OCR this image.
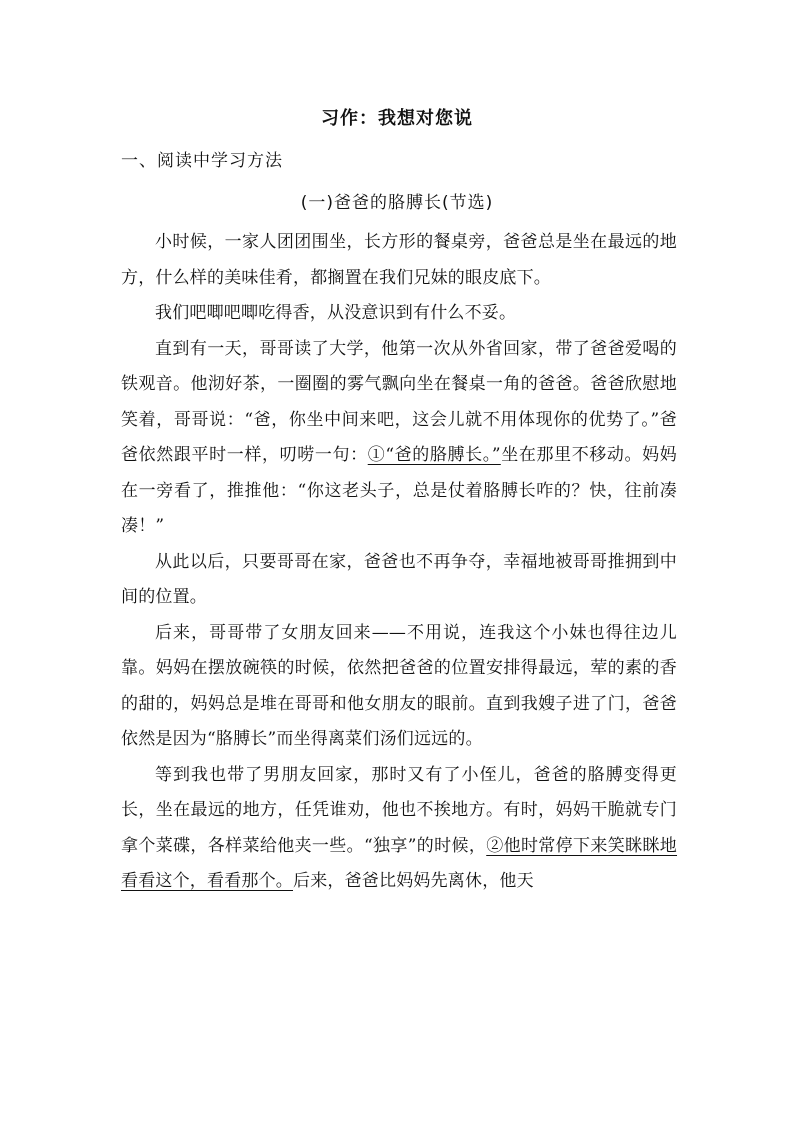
习作：我想对您说
一、阅读中学习方法
(一)爸爸的胳膊长(节选)

小时候，一家人团团围坐，长方形的餐桌旁，爸爸总是坐在最远的地方，什么样的美味佳肴，都搁置在我们兄妹的眼皮底下。

我们吧唧吧唧吃得香，从没意识到有什么不妥。

直到有一天，哥哥读了大学，他第一次从外省回家，带了爸爸爱喝的铁观音。他沏好茶，一圈圈的雾气飘向坐在餐桌一角的爸爸。爸爸欣慰地笑着，哥哥说：“爸，你坐中间来吧，这会儿就不用体现你的优势了。”爸爸依然跟平时一样，叨唠一句：①“爸的胳膊长。”坐在那里不移动。妈妈在一旁看了，推推他：“你这老头子，总是仗着胳膊长咋的？快，往前凑凑！”

从此以后，只要哥哥在家，爸爸也不再争夺，幸福地被哥哥推拥到中间的位置。

后来，哥哥带了女朋友回来——不用说，连我这个小妹也得往边儿靠。妈妈在摆放碗筷的时候，依然把爸爸的位置安排得最远，荤的素的香的甜的，妈妈总是堆在哥哥和他女朋友的眼前。直到我嫂子进了门，爸爸依然是因为“胳膊长”而坐得离菜们汤们远远的。

等到我也带了男朋友回家，那时又有了小侄儿，爸爸的胳膊变得更长，坐在最远的地方，任凭谁劝，他也不挨地方。有时，妈妈干脆就专门拿个菜碟，各样菜给他夹一些。“独享”的时候，②他时常停下来笑眯眯地看看这个，看看那个。后来，爸爸比妈妈先离休，他天
